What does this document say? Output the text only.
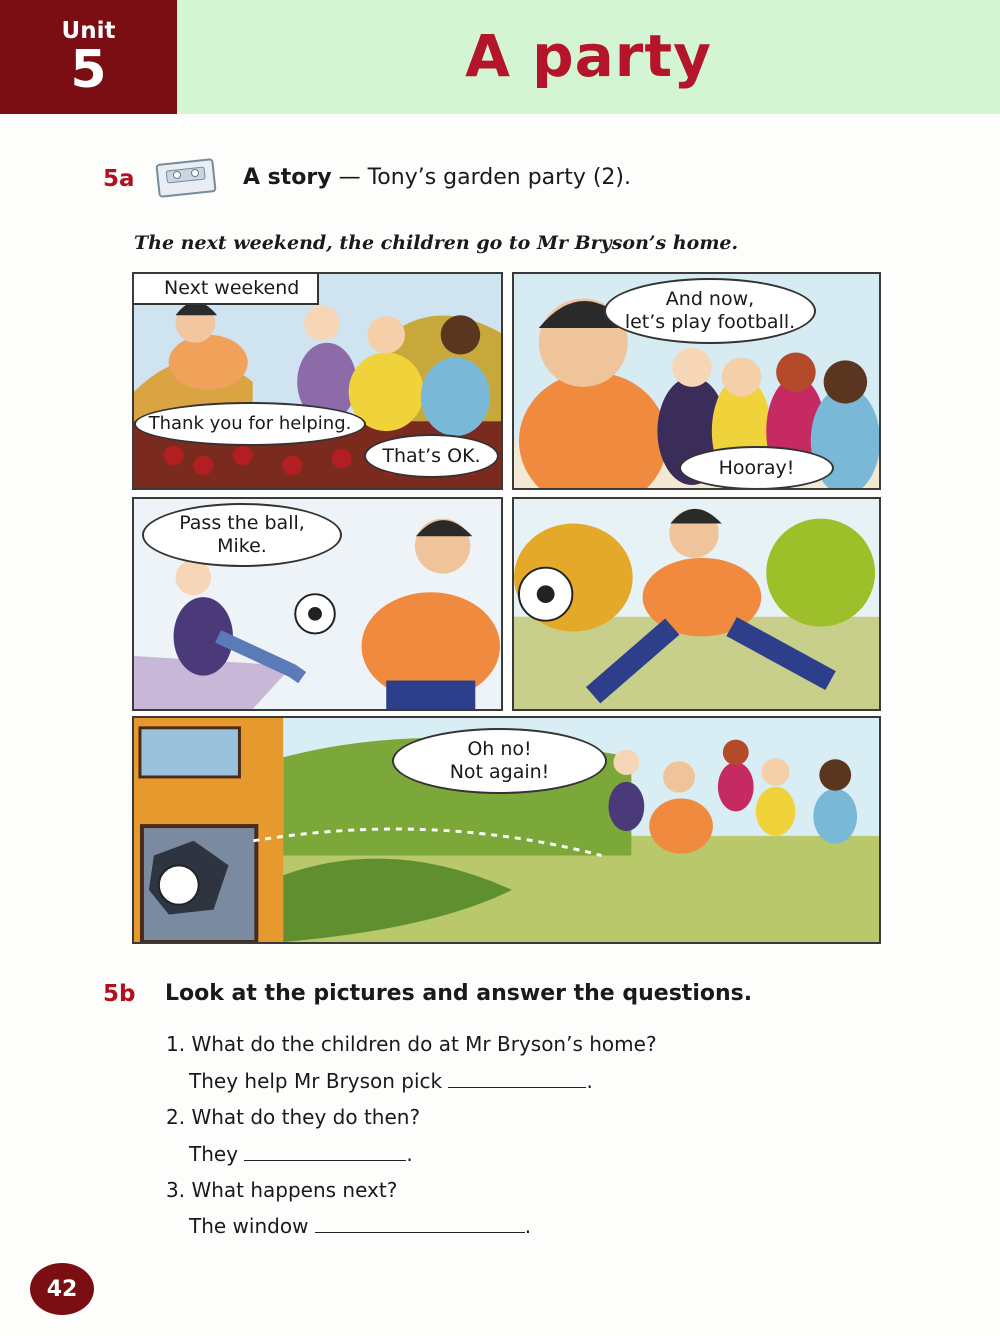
Unit
5	A party
5a	A story — Tony’s garden party (2).
The next weekend, the children go to Mr Bryson’s home.
Next weekend
Thank you for helping.
That’s OK.
And now,
let’s play football.
Hooray!
Pass the ball,
Mike.
Oh no!
Not again!
5b Look at the pictures and answer the questions.
1. What do the children do at Mr Bryson’s home?
They help Mr Bryson pick	.
2. What do they do then?
They	.
3. What happens next?
The window	.
42
